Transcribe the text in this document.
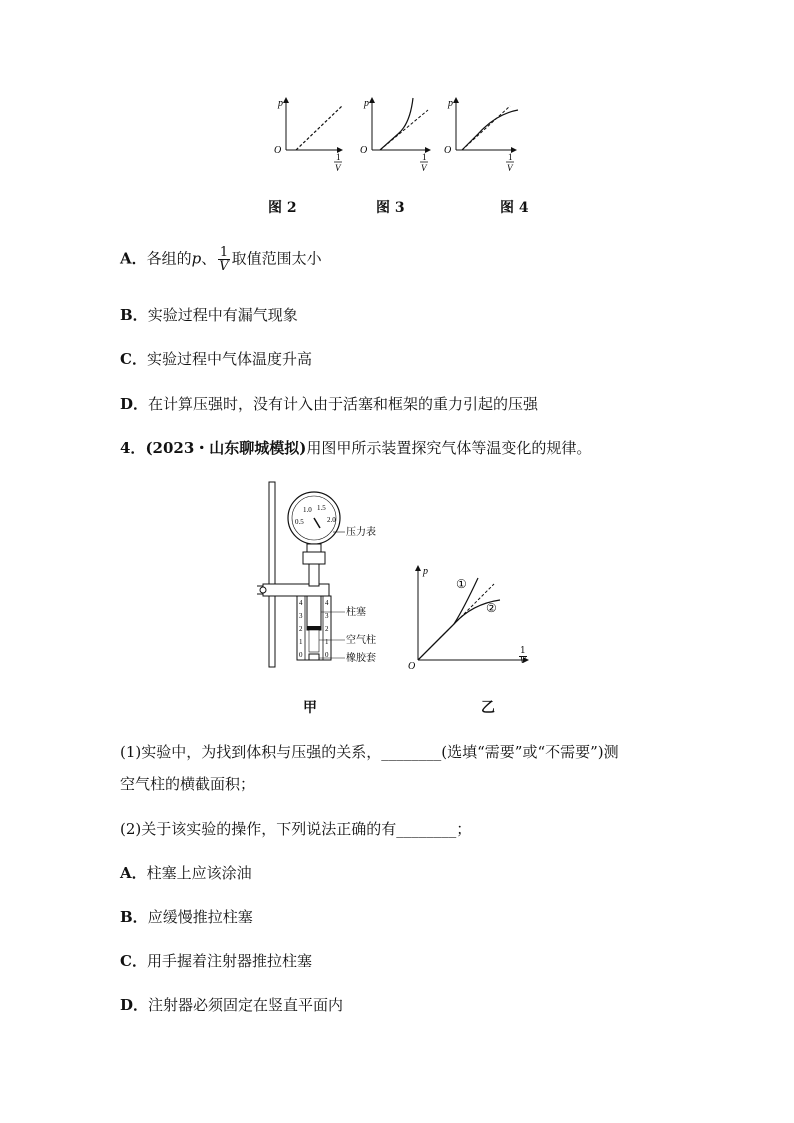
p
O
1
V
p
O
1
V
p
O
1
V
图 2	图 3	图 4
A．各组的p、 $\frac{1}{V}$ 取值范围太小
B．实验过程中有漏气现象
C．实验过程中气体温度升高
D．在计算压强时，没有计入由于活塞和框架的重力引起的压强
4．(2023・山东聊城模拟)用图甲所示装置探究气体等温变化的规律。
0.5
1.0 1.5
2.0
4
3
2
1
0
4
3
2
1
0
压力表
柱塞
空气柱
橡胶套
p
O
①
②
1
V
甲	乙
(1)实验中，为找到体积与压强的关系，________(选填“需要”或“不需要”)测
空气柱的横截面积；
(2)关于该实验的操作，下列说法正确的有________；
A．柱塞上应该涂油
B．应缓慢推拉柱塞
C．用手握着注射器推拉柱塞
D．注射器必须固定在竖直平面内
